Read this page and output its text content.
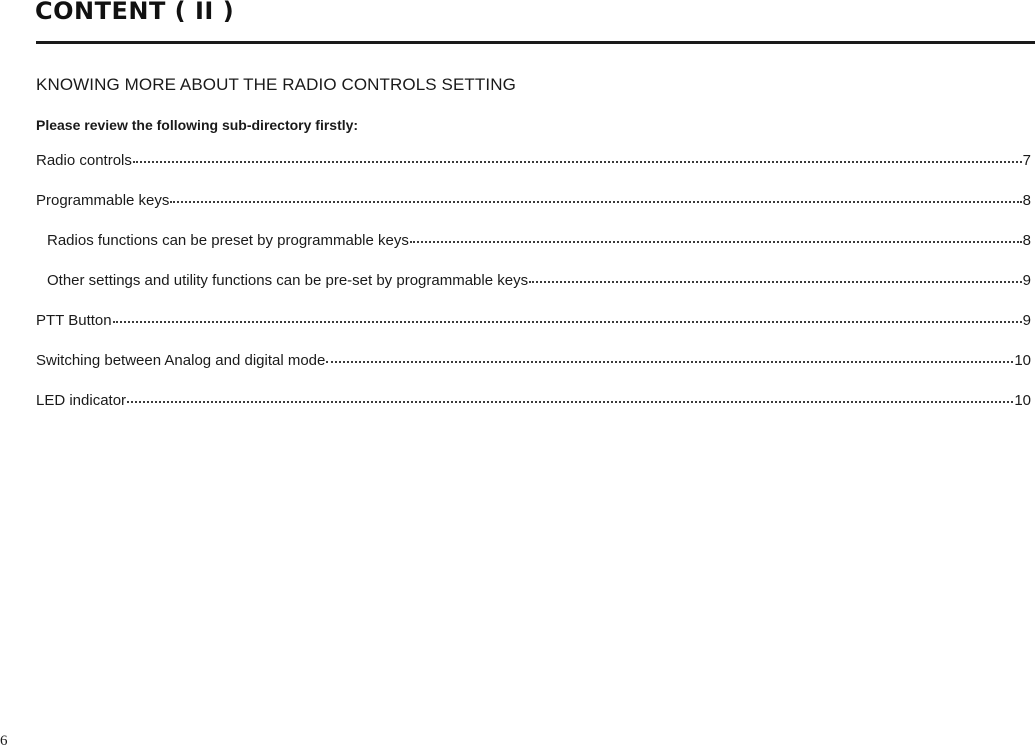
CONTENT ( II )
KNOWING MORE ABOUT THE RADIO CONTROLS SETTING
Please review the following sub-directory firstly:
Radio controls	7
Programmable keys	8
Radios functions can be preset by programmable keys	8
Other settings and utility functions can be pre-set by programmable keys	9
PTT Button	9
Switching between Analog and digital mode	10
LED indicator	10
6
